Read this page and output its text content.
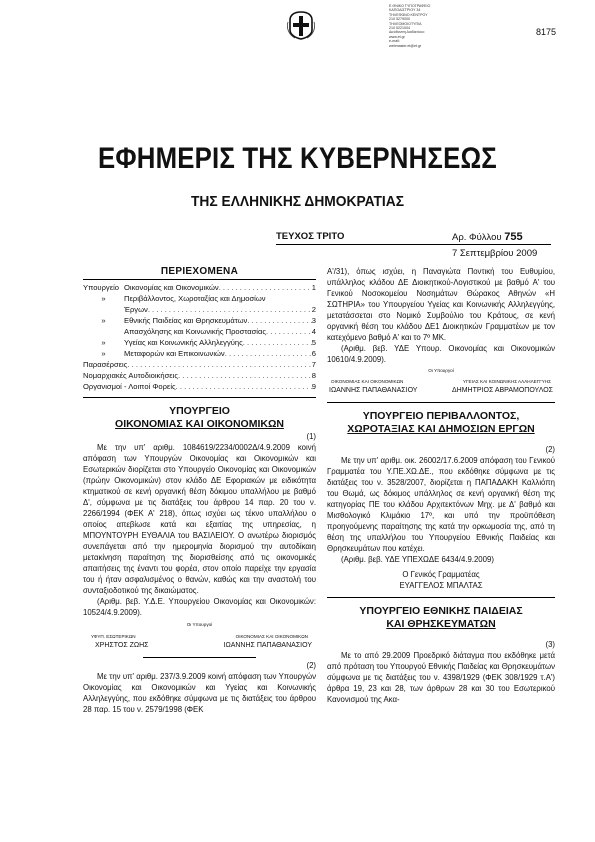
Ε ΘΝΙΚΟ ΤΥΠΟΓΡΑΦΕΙΟ
ΚΑΠΟΔΙΣΤΡΙΟΥ 34
ΤΗΛΕΦΩΝΟ ΚΕΝΤΡΟΥ
210 5279000
ΤΗΛΕΟΜΟΙΟΤΥΠΙΑ
210 5221004
Διεύθυνση Διαδικτύου:
www.et.gr
e-mail:
webmaster.et@et.gr
8175
ΕΦΗΜΕΡΙΣ ΤΗΣ ΚΥΒΕΡΝΗΣΕΩΣ
ΤΗΣ ΕΛΛΗΝΙΚΗΣ ΔΗΜΟΚΡΑΤΙΑΣ
ΤΕΥΧΟΣ ΤΡΙΤΟ	Αρ. Φύλλου 755
7 Σεπτεμβρίου 2009
ΠΕΡΙΕΧΟΜΕΝΑ
Υπουργείο Οικονομίας και Οικονομικών . . .	1
»	Περιβάλλοντος, Χωροταξίας και Δημοσίων
Έργων . . .	2
»	Εθνικής Παιδείας και Θρησκευμάτων . . .	3
Απασχόλησης και Κοινωνικής Προστασίας . . .	4
»	Υγείας και Κοινωνικής Αλληλεγγύης . . .	5
»	Μεταφορών και Επικοινωνιών . . .	6
Παρασέρσεις . . .	7
Νομαρχιακές Αυτοδιοικήσεις . . .	8
Οργανισμοί - Λοιποί Φορείς . . .	9
ΥΠΟΥΡΓΕΙΟ
ΟΙΚΟΝΟΜΙΑΣ ΚΑΙ ΟΙΚΟΝΟΜΙΚΩΝ
(1)

Με την υπ' αριθμ. 1084619/2234/0002Δ/4.9.2009 κοινή απόφαση των Υπουργών Οικονομίας και Οικονομικών και Εσωτερικών διορίζεται στο Υπουργείο Οικονομίας και Οικονομικών (πρώην Οικονομικών) στον κλάδο ΔΕ Εφοριακών με ειδικότητα κτηματικού σε κενή οργανική θέση δόκιμου υπαλλήλου με βαθμό Δ', σύμφωνα με τις διατάξεις του άρθρου 14 παρ. 20 του ν. 2266/1994 (ΦΕΚ Α' 218), όπως ισχύει ως τέκνο υπαλλήλου ο οποίος απεβίωσε κατά και εξαιτίας της υπηρεσίας, η ΜΠΟΥΝΤΟΥΡΗ ΕΥΘΑΛΙΑ του ΒΑΣΙΛΕΙΟΥ. Ο ανωτέρω διορισμός συνεπάγεται από την ημερομηνία διορισμού την αυτοδίκαιη μετακίνηση παραίτηση της διορισθείσης από τις οικονομικές απαιτήσεις της έναντι του φορέα, στον οποίο παρείχε την εργασία του ή ήταν ασφαλισμένος ο θανών, καθώς και την αναστολή του συνταξιοδοτικού της δικαιώματος.

(Αριθμ. βεβ. Υ.Δ.Ε. Υπουργείου Οικονομίας και Οικονομικών: 10524/4.9.2009).

Οι Υπουργοί
ΥΦΥΠ. ΕΣΩΤΕΡΙΚΩΝ	ΟΙΚΟΝΟΜΙΑΣ ΚΑΙ ΟΙΚΟΝΟΜΙΚΩΝ
ΧΡΗΣΤΟΣ ΖΩΗΣ	ΙΩΑΝΝΗΣ ΠΑΠΑΘΑΝΑΣΙΟΥ
(2)

Με την υπ' αριθμ. 237/3.9.2009 κοινή απόφαση των Υπουργών Οικονομίας και Οικονομικών και Υγείας και Κοινωνικής Αλληλεγγύης, που εκδόθηκε σύμφωνα με τις διατάξεις του άρθρου 28 παρ. 15 του ν. 2579/1998 (ΦΕΚ

Α'/31), όπως ισχύει, η Παναγιώτα Ποντική του Ευθυμίου, υπάλληλος κλάδου ΔΕ Διοικητικού-Λογιστικού με βαθμό Α' του Γενικού Νοσοκομείου Νοσημάτων Θώρακος Αθηνών «Η ΣΩΤΗΡΙΑ» του Υπουργείου Υγείας και Κοινωνικής Αλληλεγγύης, μετατάσσεται στο Νομικό Συμβούλιο του Κράτους, σε κενή οργανική θέση του κλάδου ΔΕ1 Διοικητικών Γραμματέων με τον κατεχόμενο βαθμό Α' και το 7º ΜΚ.

(Αριθμ. βεβ. ΥΔΕ Υπουρ. Οικονομίας και Οικονομικών 10610/4.9.2009).

Οι Υπουργοί
ΟΙΚΟΝΟΜΙΑΣ ΚΑΙ ΟΙΚΟΝΟΜΙΚΩΝ	ΥΓΕΙΑΣ ΚΑΙ ΚΟΙΝΩΝΙΚΗΣ ΑΛΛΗΛΕΓΓΥΗΣ
ΙΩΑΝΝΗΣ ΠΑΠΑΘΑΝΑΣΙΟΥ	ΔΗΜΗΤΡΙΟΣ ΑΒΡΑΜΟΠΟΥΛΟΣ
ΥΠΟΥΡΓΕΙΟ ΠΕΡΙΒΑΛΛΟΝΤΟΣ,
ΧΩΡΟΤΑΞΙΑΣ ΚΑΙ ΔΗΜΟΣΙΩΝ ΕΡΓΩΝ
(2)

Με την υπ' αριθμ. οικ. 26002/17.6.2009 απόφαση του Γενικού Γραμματέα του Υ.ΠΕ.ΧΩ.ΔΕ., που εκδόθηκε σύμφωνα με τις διατάξεις του ν. 3528/2007, διορίζεται η ΠΑΠΑΔΑΚΗ Καλλιόπη του Θωμά, ως δόκιμος υπάλληλος σε κενή οργανική θέση της κατηγορίας ΠΕ του κλάδου Αρχιτεκτόνων Μηχ. με Δ' βαθμό και Μισθολογικό Κλιμάκιο 17º, και υπό την προϋπόθεση προηγούμενης παραίτησης της κατά την ορκωμοσία της, από τη θέση της υπαλλήλου του Υπουργείου Εθνικής Παιδείας και Θρησκευμάτων που κατέχει.

(Αριθμ. βεβ. ΥΔΕ ΥΠΕΧΩΔΕ 6434/4.9.2009)

Ο Γενικός Γραμματέας
ΕΥΑΓΓΕΛΟΣ ΜΠΑΛΤΑΣ
ΥΠΟΥΡΓΕΙΟ ΕΘΝΙΚΗΣ ΠΑΙΔΕΙΑΣ
ΚΑΙ ΘΡΗΣΚΕΥΜΑΤΩΝ
(3)

Με το από 29.2009 Προεδρικό διάταγμα που εκδόθηκε μετά από πρόταση του Υπουργού Εθνικής Παιδείας και Θρησκευμάτων σύμφωνα με τις διατάξεις του ν. 4398/1929 (ΦΕΚ 308/1929 τ.Α') άρθρα 19, 23 και 28, των άρθρων 28 και 30 του Εσωτερικού Κανονισμού της Ακα-
